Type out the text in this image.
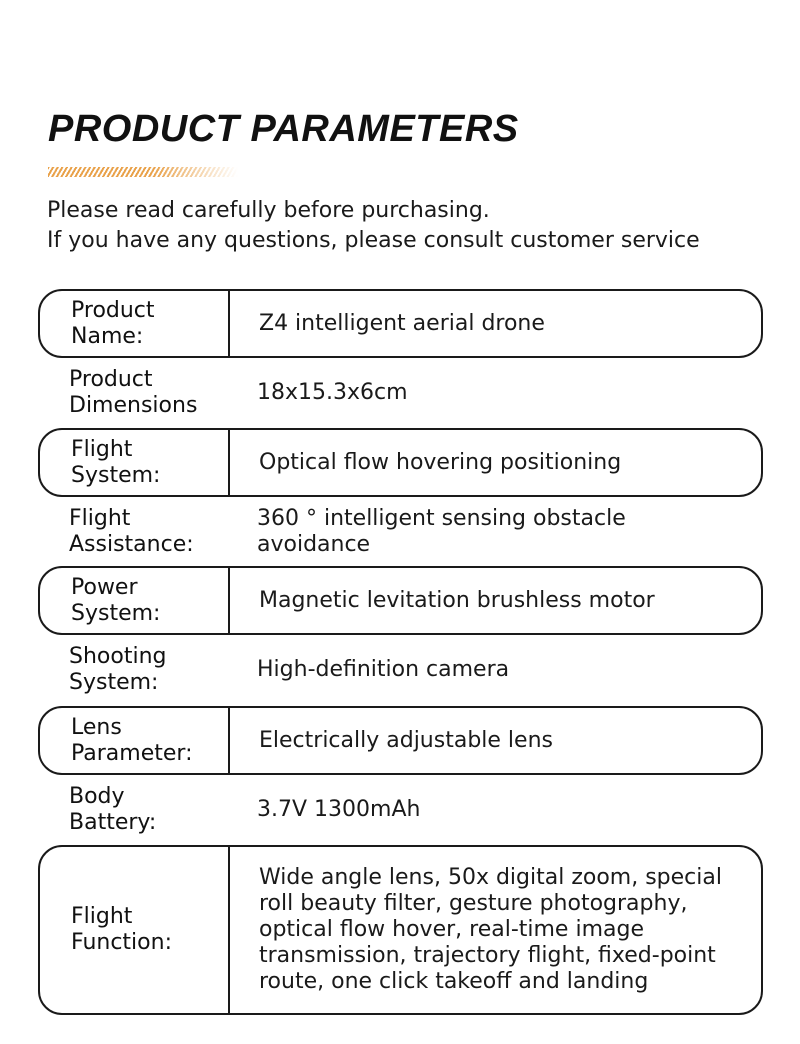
PRODUCT PARAMETERS

Please read carefully before purchasing.
If you have any questions, please consult customer service

Product
Name:
Z4 intelligent aerial drone
Product
Dimensions
18x15.3x6cm
Flight
System:
Optical flow hovering positioning
Flight
Assistance:
360 ° intelligent sensing obstacle avoidance
Power
System:
Magnetic levitation brushless motor
Shooting
System:
High-definition camera
Lens
Parameter:
Electrically adjustable lens
Body
Battery:
3.7V 1300mAh
Flight
Function:
Wide angle lens, 50x digital zoom, special roll beauty filter, gesture photography, optical flow hover, real-time image transmission, trajectory flight, fixed-point route, one click takeoff and landing
